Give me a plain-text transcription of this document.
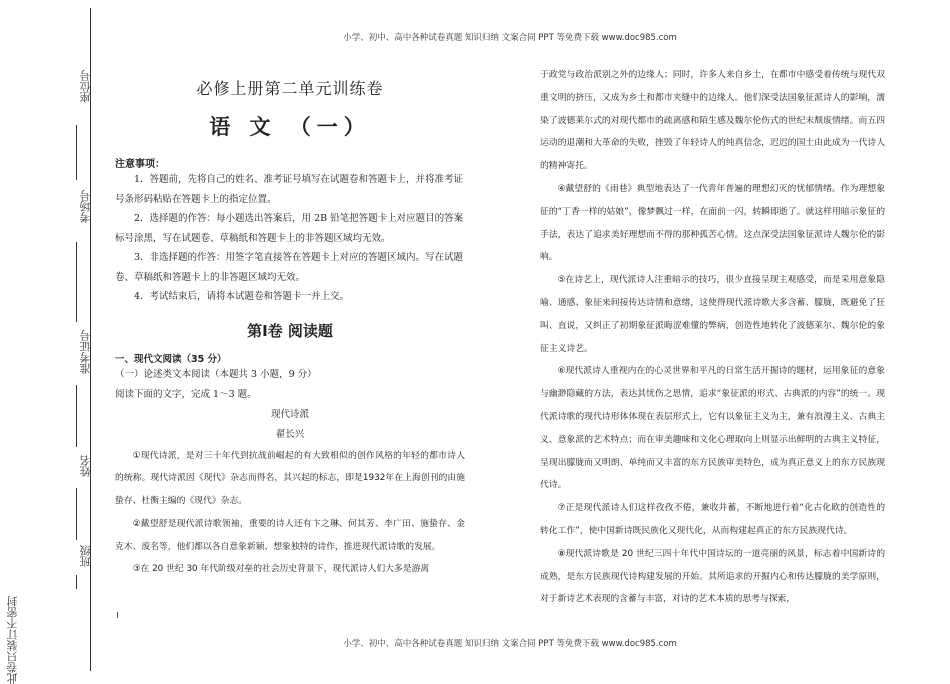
小学、初中、高中各种试卷真题 知识归纳 文案合同 PPT 等免费下载 www.doc985.com
座位号
考场号
准考证号
姓名
班级
此卷只装订不密封
必修上册第二单元训练卷
语 文 （一）
注意事项：

1．答题前，先将自己的姓名、准考证号填写在试题卷和答题卡上，并将准考证号条形码粘贴在答题卡上的指定位置。

2．选择题的作答：每小题选出答案后，用 2B 铅笔把答题卡上对应题目的答案标号涂黑，写在试题卷、草稿纸和答题卡上的非答题区域均无效。

3．非选择题的作答：用签字笔直接答在答题卡上对应的答题区域内。写在试题卷、草稿纸和答题卡上的非答题区域均无效。

4．考试结束后，请将本试题卷和答题卡一并上交。

第Ⅰ卷 阅读题
一、现代文阅读（35 分）

（一）论述类文本阅读（本题共 3 小题，9 分）

阅读下面的文字，完成 1～3 题。

现代诗派

翟长兴

①现代诗派，是对三十年代到抗战前崛起的有大致相似的创作风格的年轻的都市诗人的统称。现代诗派因《现代》杂志而得名，其兴起的标志，即是1932年在上海创刊的由施蛰存、杜衡主编的《现代》杂志。

②戴望舒是现代派诗歌领袖，重要的诗人还有卞之琳、何其芳、李广田、施蛰存、金克木、废名等，他们都以各自意象新颖、想象独特的诗作，推进现代派诗歌的发展。

③在 20 世纪 30 年代阶级对垒的社会历史背景下，现代派诗人们大多是游离

于政党与政治派别之外的边缘人；同时，许多人来自乡土，在都市中感受着传统与现代双重文明的挤压，又成为乡土和都市夹缝中的边缘人。他们深受法国象征派诗人的影响，濡染了波德莱尔式的对现代都市的疏离感和陌生感及魏尔伦伤式的世纪末颓废情绪。而五四运动的退潮和大革命的失败，挫毁了年轻诗人的纯真信念，迟迟的国土由此成为一代诗人的精神寄托。

④戴望舒的《雨巷》典型地表达了一代青年普遍的理想幻灭的忧郁情绪。作为理想象征的“丁香一样的姑娘”，像梦飘过一样，在面前一闪，转瞬即逝了。就这样用暗示象征的手法，表达了追求美好理想而不得的那种孤苦心情。这点深受法国象征派诗人魏尔伦的影响。

⑤在诗艺上，现代派诗人注重暗示的技巧，很少直接呈现主观感受，而是采用意象隐喻、通感、象征来间接传达诗情和意绪，这使得现代派诗歌大多含蓄、朦胧，既避免了狂叫、直说，又纠正了初期象征派晦涩难懂的弊病，创造性地转化了波德莱尔、魏尔伦的象征主义诗艺。

⑥现代派诗人重视内在的心灵世界和平凡的日常生活开掘诗的题材，运用象征的意象与幽渺隐藏的方法，表达其忧伤之思情，追求“象征派的形式、古典派的内容”的统一。现代派诗歌的现代诗形体体现在表层形式上，它有以象征主义为主，兼有浪漫主义、古典主义、意象派的艺术特点；而在审美趣味和文化心理取向上则显示出鲜明的古典主义特征，呈现出朦胧而又明朗、单纯而又丰富的东方民族审美特色，成为真正意义上的东方民族现代诗。

⑦正是现代派诗人们这样孜孜不倦，兼收并蓄，不断地进行着“化古化欧的创造性的转化工作”，使中国新诗既民族化又现代化，从而构建起真正的东方民族现代诗。

⑧现代派诗歌是 20 世纪三四十年代中国诗坛的一道亮丽的风景，标志着中国新诗的成熟，是东方民族现代诗构建发展的开始。其所追求的开掘内心和传达朦胧的美学原则，对于新诗艺术表现的含蓄与丰富，对诗的艺术本质的思考与探索，

小学、初中、高中各种试卷真题 知识归纳 文案合同 PPT 等免费下载 www.doc985.com
